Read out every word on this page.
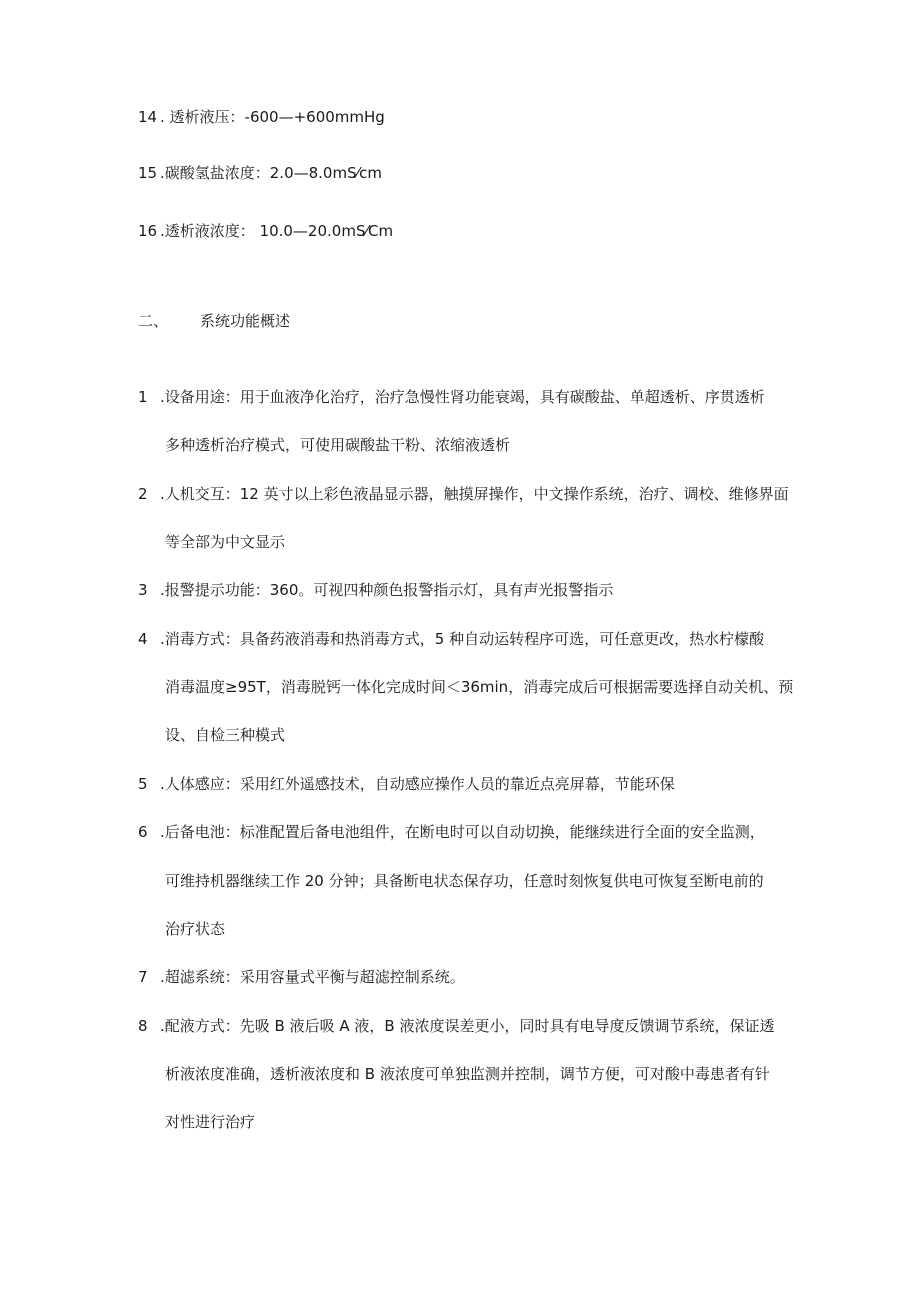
14 . 透析液压：-600—+600mmHg
15 .碳酸氢盐浓度：2.0—8.0mS⁄cm
16 .透析液浓度： 10.0—20.0mS⁄Cm
二、 系统功能概述
1 .设备用途：用于血液净化治疗，治疗急慢性肾功能衰竭，具有碳酸盐、单超透析、序贯透析
多种透析治疗模式，可使用碳酸盐干粉、浓缩液透析
2 .人机交互：12 英寸以上彩色液晶显示器，触摸屏操作，中文操作系统，治疗、调校、维修界面
等全部为中文显示
3 .报警提示功能：360。可视四种颜色报警指示灯，具有声光报警指示
4 .消毒方式：具备药液消毒和热消毒方式，5 种自动运转程序可选，可任意更改，热水柠檬酸
消毒温度≥95T，消毒脱钙一体化完成时间＜36min，消毒完成后可根据需要选择自动关机、预
设、自检三种模式
5 .人体感应：采用红外遥感技术，自动感应操作人员的靠近点亮屏幕，节能环保
6 .后备电池：标准配置后备电池组件，在断电时可以自动切换，能继续进行全面的安全监测，
可维持机器继续工作 20 分钟；具备断电状态保存功，任意时刻恢复供电可恢复至断电前的
治疗状态
7 .超滤系统：采用容量式平衡与超滤控制系统。
8 .配液方式：先吸 B 液后吸 A 液，B 液浓度误差更小，同时具有电导度反馈调节系统，保证透
析液浓度准确，透析液浓度和 B 液浓度可单独监测并控制，调节方便，可对酸中毒患者有针
对性进行治疗
